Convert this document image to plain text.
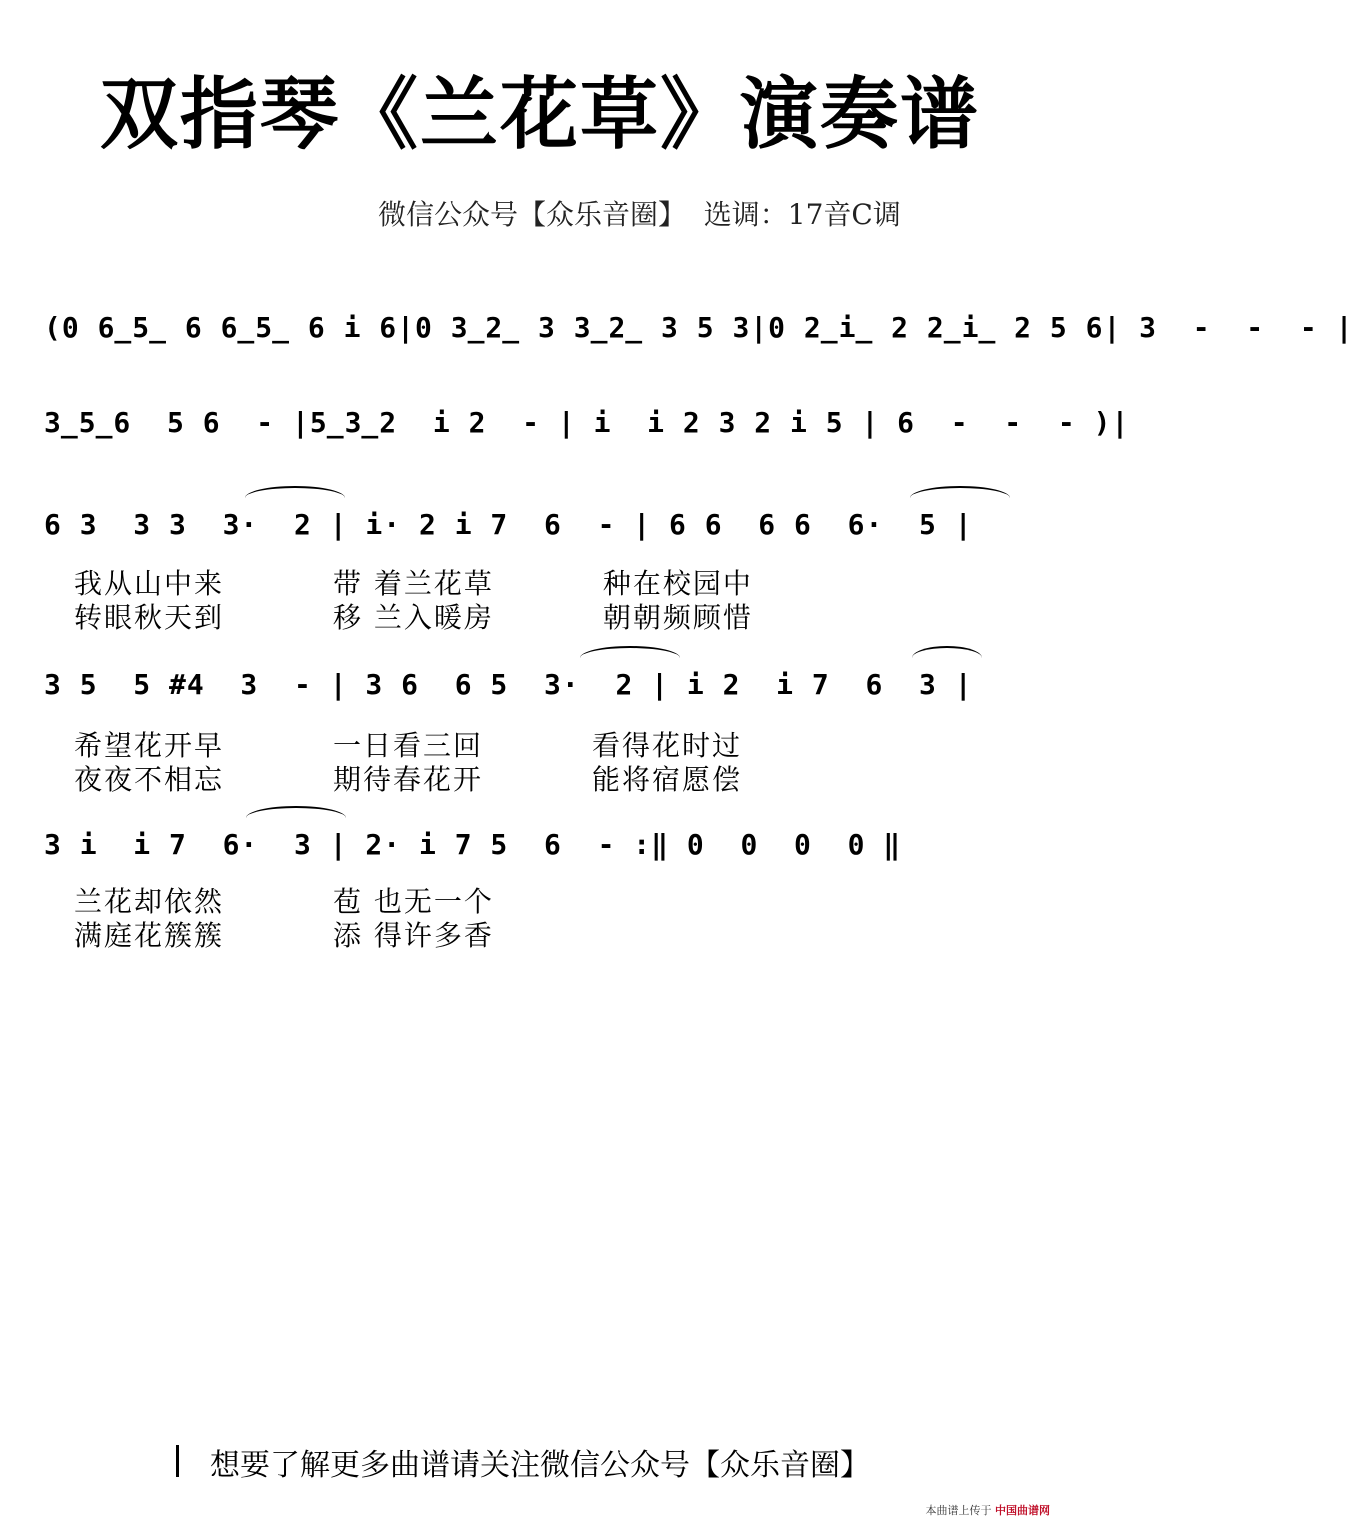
双指琴《兰花草》演奏谱
微信公众号【众乐音圈】  选调：17音C调

(0 6̲5̲ 6 6̲5̲ 6 i 6|0 3̲2̲ 3 3̲2̲ 3 5 3|0 2̲i̲ 2 2̲i̲ 2 5 6| 3  -  -  - |

3̲5̲6  5 6  - |5̲3̲2  i 2  - | i  i 2 3 2 i 5 | 6  -  -  - )|

6 3  3 3  3·  2 | i· 2 i 7  6  - | 6 6  6 6  6·  5 |

我从山中来          带 着兰花草          种在校园中
转眼秋天到          移 兰入暖房          朝朝频顾惜

3 5  5 #4  3  - | 3 6  6 5  3·  2 | i 2  i 7  6  3 |

希望花开早          一日看三回          看得花时过
夜夜不相忘          期待春花开          能将宿愿偿

3 i  i 7  6·  3 | 2· i 7 5  6  - :‖ 0  0  0  0 ‖

兰花却依然          苞 也无一个
满庭花簇簇          添 得许多香
想要了解更多曲谱请关注微信公众号【众乐音圈】
本曲谱上传于 中国曲谱网
